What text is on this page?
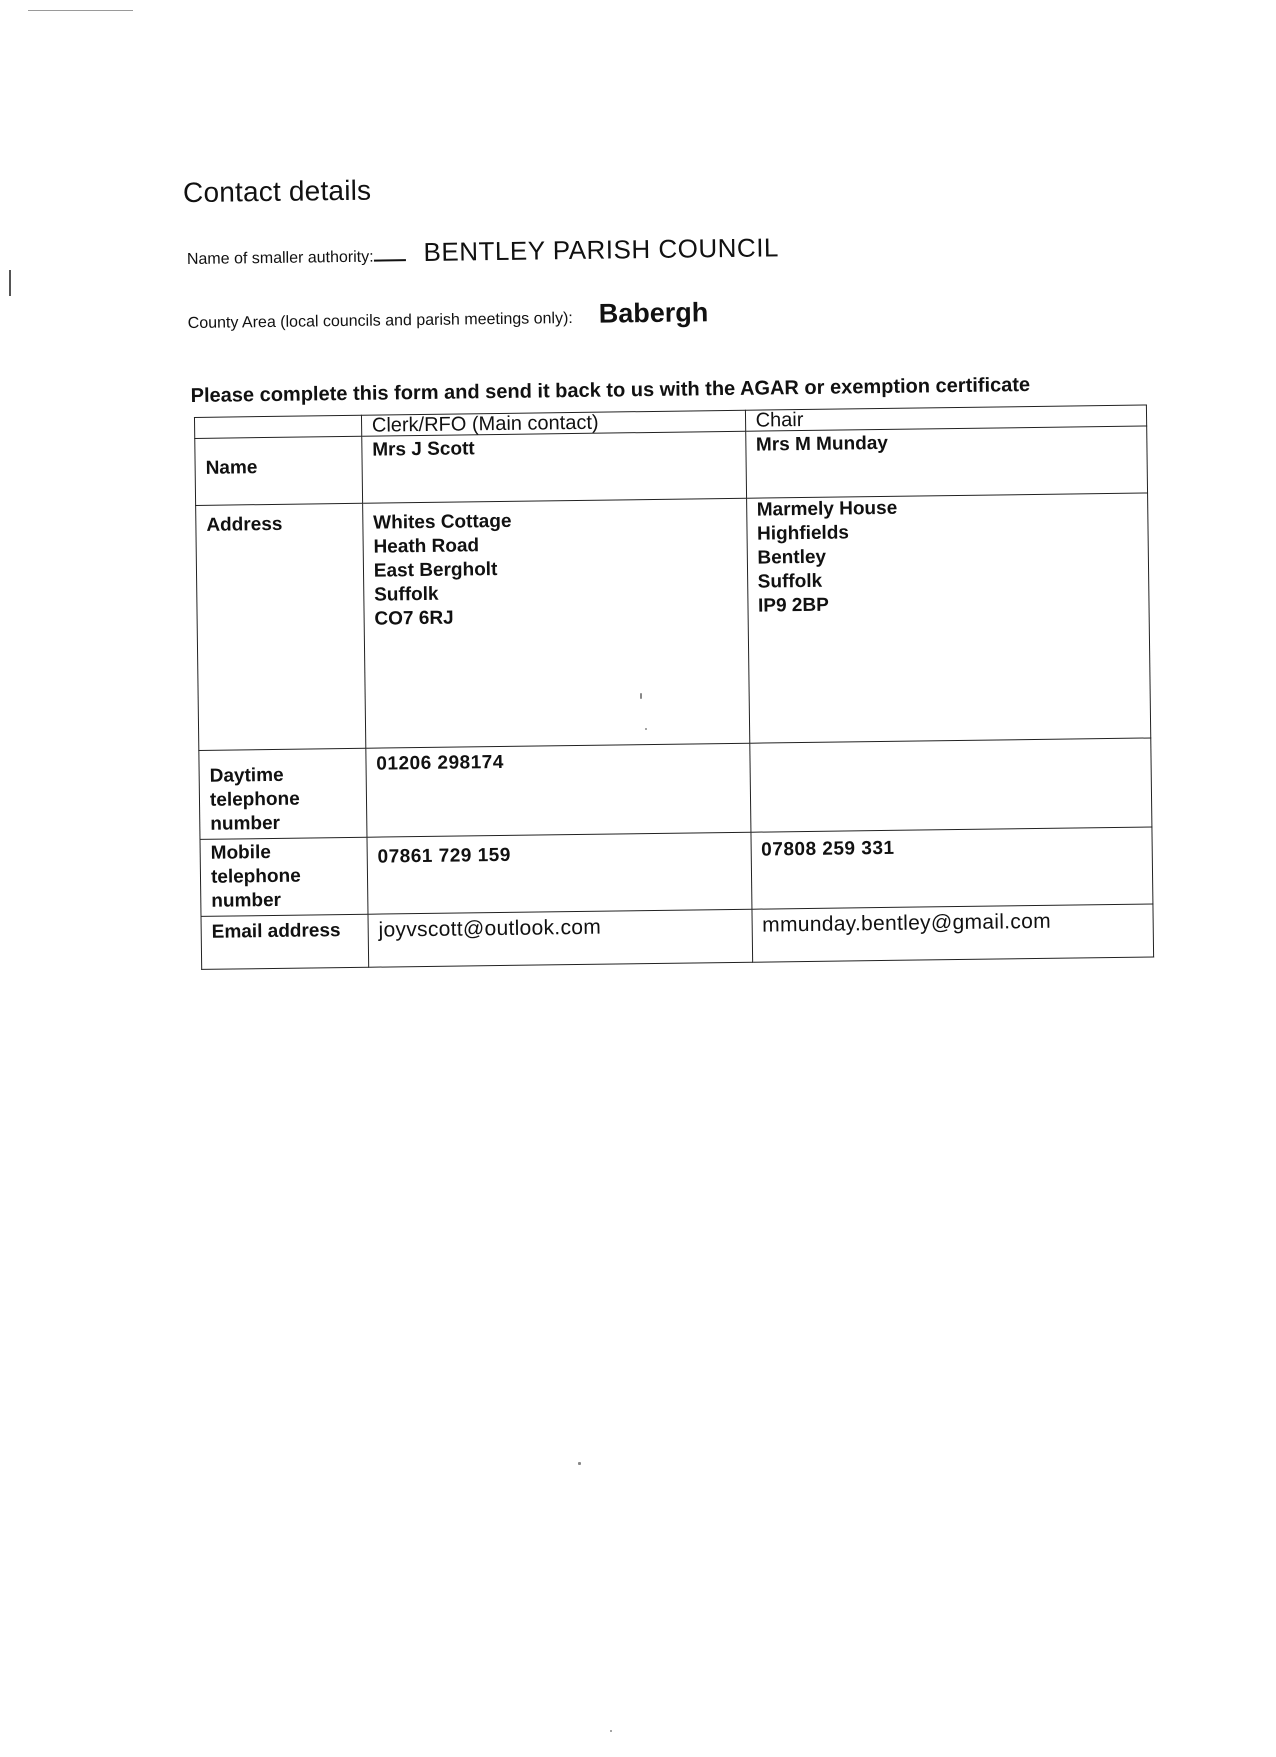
Contact details
Name of smaller authority: BENTLEY PARISH COUNCIL
County Area (local councils and parish meetings only): Babergh

Please complete this form and send it back to us with the AGAR or exemption certificate

	Clerk/RFO (Main contact)	Chair
Name	Mrs J Scott	Mrs M Munday
Address	Whites Cottage
Heath Road
East Bergholt
Suffolk
CO7 6RJ	Marmely House
Highfields
Bentley
Suffolk
IP9 2BP

Daytime
telephone
number	01206 298174	

Mobile
telephone
number	07861 729 159	07808 259 331
Email address	joyvscott@outlook.com	mmunday.bentley@gmail.com
